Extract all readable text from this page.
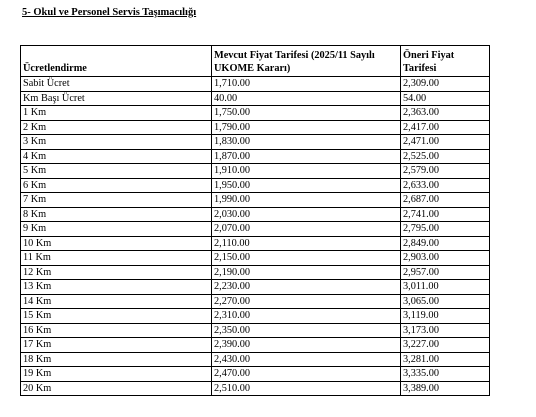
5- Okul ve Personel Servis Taşımacılığı
Ücretlendirme	Mevcut Fiyat Tarifesi (2025/11 Sayılı UKOME Kararı)	Öneri Fiyat Tarifesi
Sabit Ücret	1,710.00	2,309.00
Km Başı Ücret	40.00	54.00
1 Km	1,750.00	2,363.00
2 Km	1,790.00	2,417.00
3 Km	1,830.00	2,471.00
4 Km	1,870.00	2,525.00
5 Km	1,910.00	2,579.00
6 Km	1,950.00	2,633.00
7 Km	1,990.00	2,687.00
8 Km	2,030.00	2,741.00
9 Km	2,070.00	2,795.00
10 Km	2,110.00	2,849.00
11 Km	2,150.00	2,903.00
12 Km	2,190.00	2,957.00
13 Km	2,230.00	3,011.00
14 Km	2,270.00	3,065.00
15 Km	2,310.00	3,119.00
16 Km	2,350.00	3,173.00
17 Km	2,390.00	3,227.00
18 Km	2,430.00	3,281.00
19 Km	2,470.00	3,335.00
20 Km	2,510.00	3,389.00
